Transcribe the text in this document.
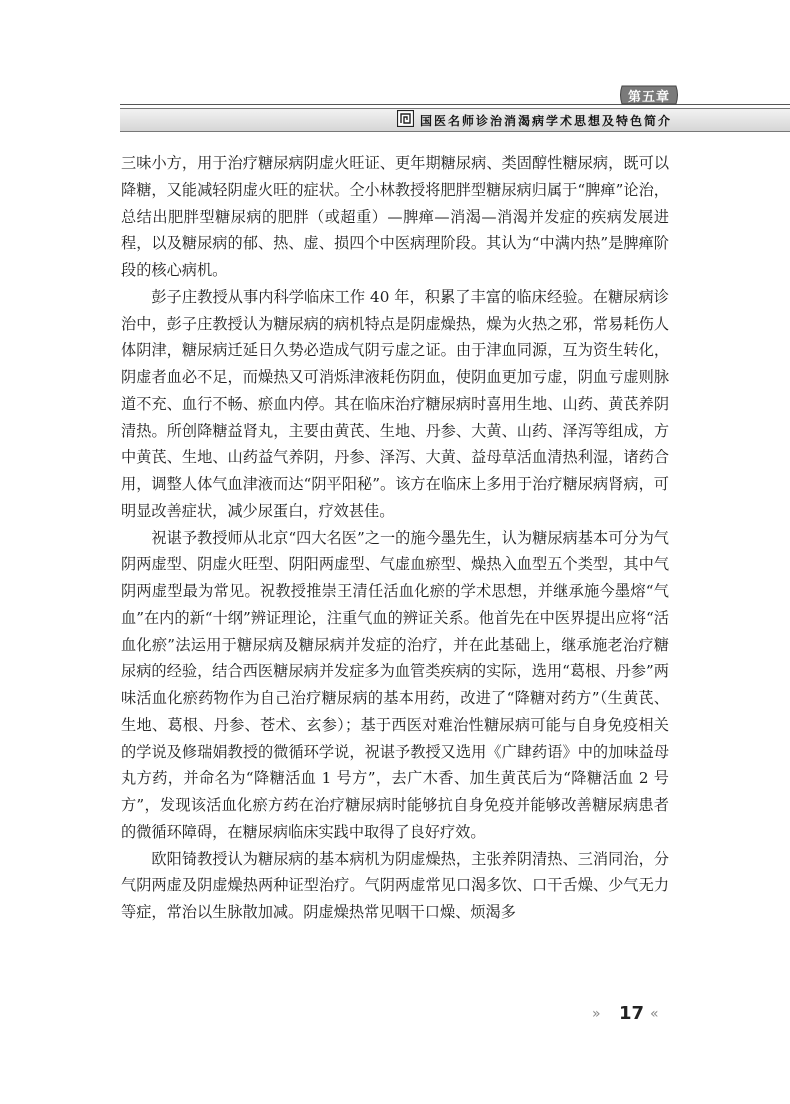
第五章
国医名师诊治消渴病学术思想及特色简介

三味小方，用于治疗糖尿病阴虚火旺证、更年期糖尿病、类固醇性糖尿病，既可以降糖，又能减轻阴虚火旺的症状。仝小林教授将肥胖型糖尿病归属于“脾瘅”论治，总结出肥胖型糖尿病的肥胖（或超重）—脾瘅—消渴—消渴并发症的疾病发展进程，以及糖尿病的郁、热、虚、损四个中医病理阶段。其认为“中满内热”是脾瘅阶段的核心病机。

彭子庄教授从事内科学临床工作 40 年，积累了丰富的临床经验。在糖尿病诊治中，彭子庄教授认为糖尿病的病机特点是阴虚燥热，燥为火热之邪，常易耗伤人体阴津，糖尿病迁延日久势必造成气阴亏虚之证。由于津血同源，互为资生转化，阴虚者血必不足，而燥热又可消烁津液耗伤阴血，使阴血更加亏虚，阴血亏虚则脉道不充、血行不畅、瘀血内停。其在临床治疗糖尿病时喜用生地、山药、黄芪养阴清热。所创降糖益肾丸，主要由黄芪、生地、丹参、大黄、山药、泽泻等组成，方中黄芪、生地、山药益气养阴，丹参、泽泻、大黄、益母草活血清热利湿，诸药合用，调整人体气血津液而达“阴平阳秘”。该方在临床上多用于治疗糖尿病肾病，可明显改善症状，减少尿蛋白，疗效甚佳。

祝谌予教授师从北京“四大名医”之一的施今墨先生，认为糖尿病基本可分为气阴两虚型、阴虚火旺型、阴阳两虚型、气虚血瘀型、燥热入血型五个类型，其中气阴两虚型最为常见。祝教授推崇王清任活血化瘀的学术思想，并继承施今墨熔“气血”在内的新“十纲”辨证理论，注重气血的辨证关系。他首先在中医界提出应将“活血化瘀”法运用于糖尿病及糖尿病并发症的治疗，并在此基础上，继承施老治疗糖尿病的经验，结合西医糖尿病并发症多为血管类疾病的实际，选用“葛根、丹参”两味活血化瘀药物作为自己治疗糖尿病的基本用药，改进了“降糖对药方”（生黄芪、生地、葛根、丹参、苍术、玄参）；基于西医对难治性糖尿病可能与自身免疫相关的学说及修瑞娟教授的微循环学说，祝谌予教授又选用《广肆药语》中的加味益母丸方药，并命名为“降糖活血 1 号方”，去广木香、加生黄芪后为“降糖活血 2 号方”，发现该活血化瘀方药在治疗糖尿病时能够抗自身免疫并能够改善糖尿病患者的微循环障碍，在糖尿病临床实践中取得了良好疗效。

欧阳锜教授认为糖尿病的基本病机为阴虚燥热，主张养阴清热、三消同治，分气阴两虚及阴虚燥热两种证型治疗。气阴两虚常见口渴多饮、口干舌燥、少气无力等症，常治以生脉散加减。阴虚燥热常见咽干口燥、烦渴多

» 17 «
